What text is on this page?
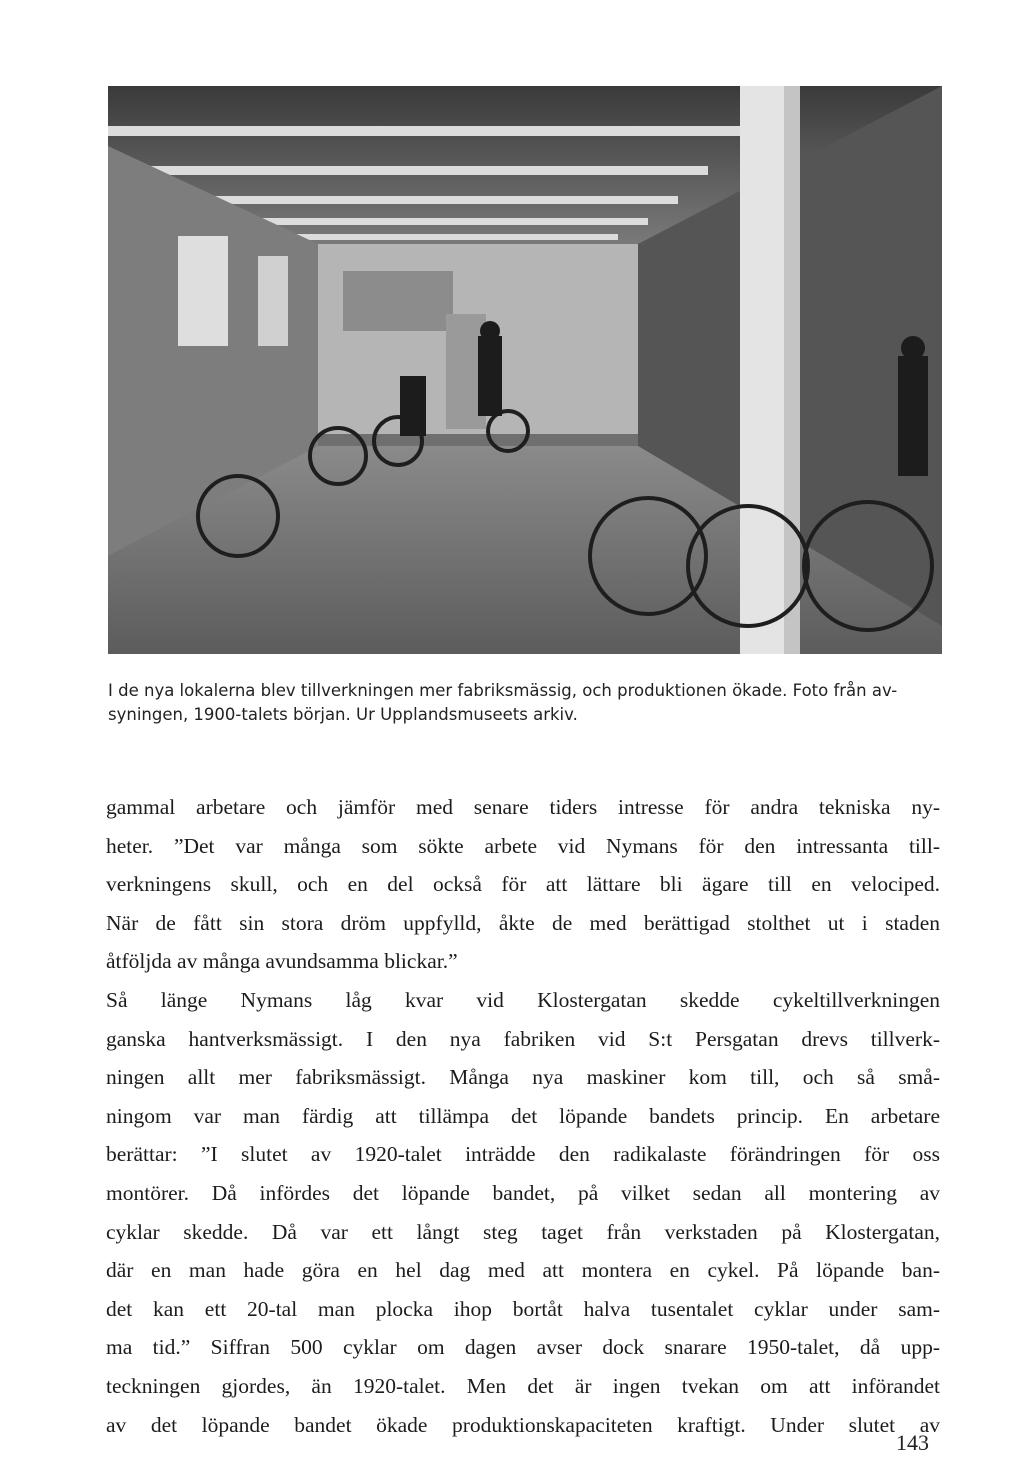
I de nya lokalerna blev tillverkningen mer fabriksmässig, och produktionen ökade. Foto från av-
syningen, 1900-talets början. Ur Upplandsmuseets arkiv.
gammal arbetare och jämför med senare tiders intresse för andra tekniska ny-
heter. ”Det var många som sökte arbete vid Nymans för den intressanta till-
verkningens skull, och en del också för att lättare bli ägare till en velociped.
När de fått sin stora dröm uppfylld, åkte de med berättigad stolthet ut i staden
åtföljda av många avundsamma blickar.”
Så länge Nymans låg kvar vid Klostergatan skedde cykeltillverkningen
ganska hantverksmässigt. I den nya fabriken vid S:t Persgatan drevs tillverk-
ningen allt mer fabriksmässigt. Många nya maskiner kom till, och så små-
ningom var man färdig att tillämpa det löpande bandets princip. En arbetare
berättar: ”I slutet av 1920-talet inträdde den radikalaste förändringen för oss
montörer. Då infördes det löpande bandet, på vilket sedan all montering av
cyklar skedde. Då var ett långt steg taget från verkstaden på Klostergatan,
där en man hade göra en hel dag med att montera en cykel. På löpande ban-
det kan ett 20-tal man plocka ihop bortåt halva tusentalet cyklar under sam-
ma tid.” Siffran 500 cyklar om dagen avser dock snarare 1950-talet, då upp-
teckningen gjordes, än 1920-talet. Men det är ingen tvekan om att införandet
av det löpande bandet ökade produktionskapaciteten kraftigt. Under slutet av
143
